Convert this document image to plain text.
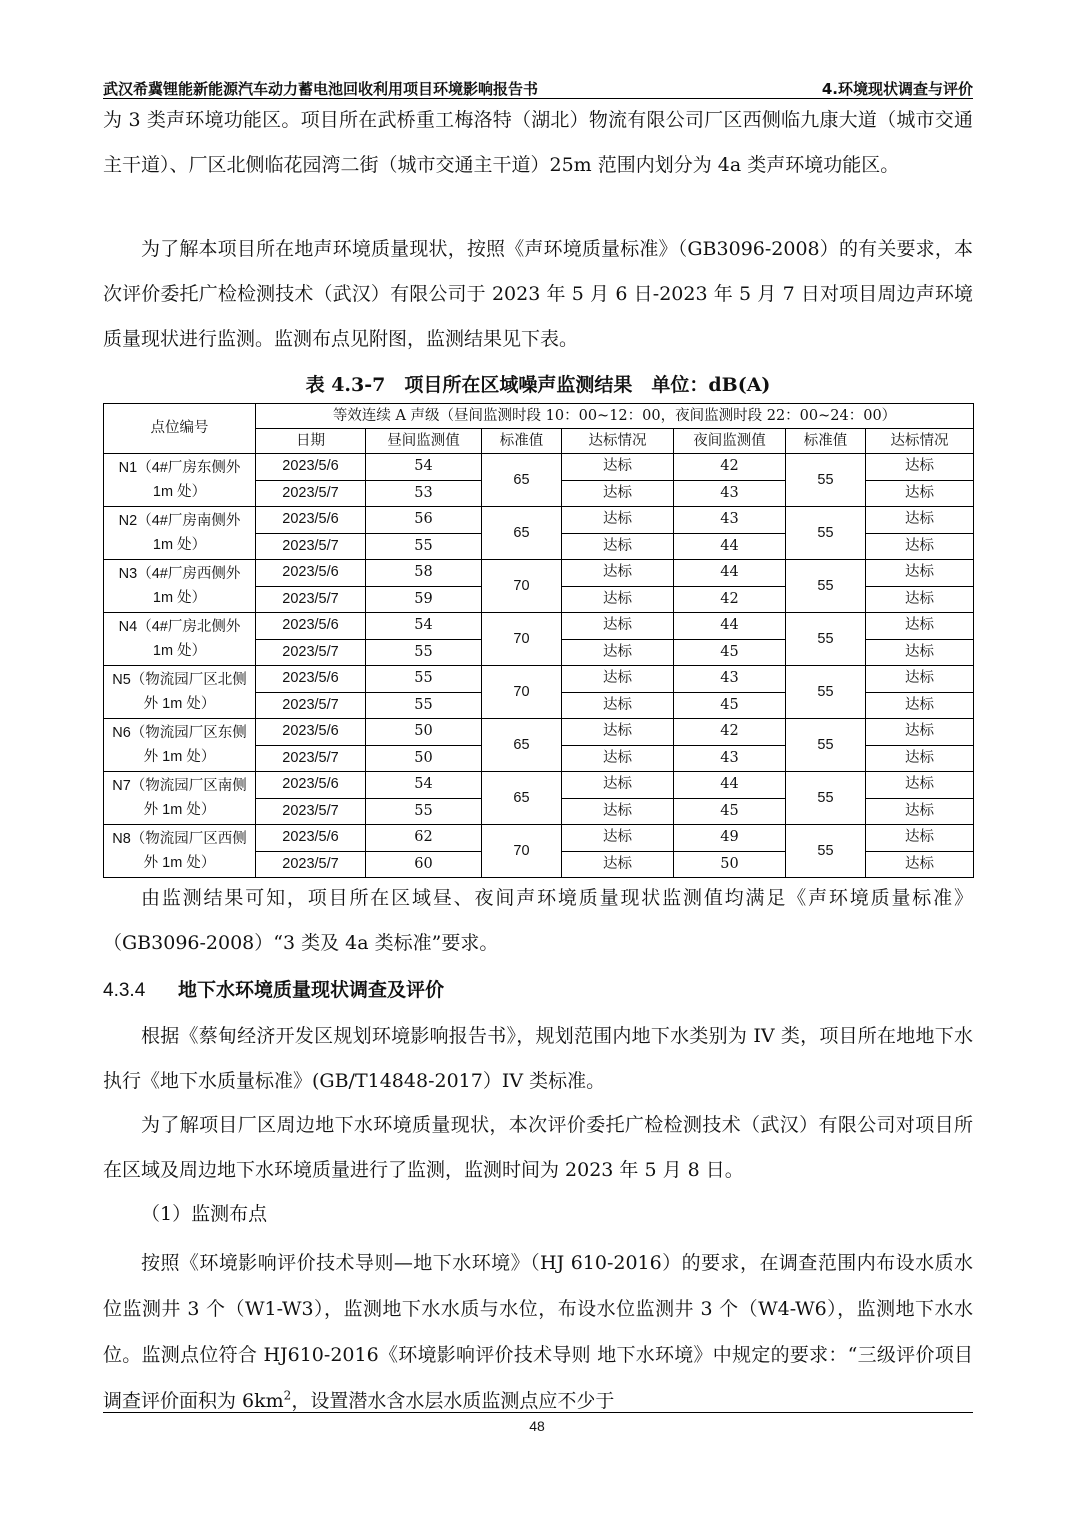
武汉希冀锂能新能源汽车动力蓄电池回收利用项目环境影响报告书	4.环境现状调查与评价
为 3 类声环境功能区。项目所在武桥重工梅洛特（湖北）物流有限公司厂区西侧临九康大道（城市交通主干道）、厂区北侧临花园湾二街（城市交通主干道）25m 范围内划分为 4a 类声环境功能区。
为了解本项目所在地声环境质量现状，按照《声环境质量标准》（GB3096-2008）的有关要求，本次评价委托广检检测技术（武汉）有限公司于 2023 年 5 月 6 日-2023 年 5 月 7 日对项目周边声环境质量现状进行监测。监测布点见附图，监测结果见下表。
表 4.3-7　项目所在区域噪声监测结果　单位：dB(A)
点位编号	等效连续 A 声级（昼间监测时段 10：00~12：00，夜间监测时段 22：00~24：00）						
	日期	昼间监测值	标准值	达标情况	夜间监测值	标准值	达标情况
N1（4#厂房东侧外 1m 处）	2023/5/6	54	65	达标	42	55	达标
	2023/5/7	53		达标	43		达标
N2（4#厂房南侧外 1m 处）	2023/5/6	56	65	达标	43	55	达标
	2023/5/7	55		达标	44		达标
N3（4#厂房西侧外 1m 处）	2023/5/6	58	70	达标	44	55	达标
	2023/5/7	59		达标	42		达标
N4（4#厂房北侧外 1m 处）	2023/5/6	54	70	达标	44	55	达标
	2023/5/7	55		达标	45		达标
N5（物流园厂区北侧外 1m 处）	2023/5/6	55	70	达标	43	55	达标
	2023/5/7	55		达标	45		达标
N6（物流园厂区东侧外 1m 处）	2023/5/6	50	65	达标	42	55	达标
	2023/5/7	50		达标	43		达标
N7（物流园厂区南侧外 1m 处）	2023/5/6	54	65	达标	44	55	达标
	2023/5/7	55		达标	45		达标
N8（物流园厂区西侧外 1m 处）	2023/5/6	62	70	达标	49	55	达标
	2023/5/7	60		达标	50		达标
由监测结果可知，项目所在区域昼、夜间声环境质量现状监测值均满足《声环境质量标准》（GB3096-2008）“3 类及 4a 类标准”要求。
4.3.4 地下水环境质量现状调查及评价
根据《蔡甸经济开发区规划环境影响报告书》，规划范围内地下水类别为 IV 类，项目所在地地下水执行《地下水质量标准》(GB/T14848-2017）IV 类标准。
为了解项目厂区周边地下水环境质量现状，本次评价委托广检检测技术（武汉）有限公司对项目所在区域及周边地下水环境质量进行了监测，监测时间为 2023 年 5 月 8 日。
（1）监测布点
按照《环境影响评价技术导则—地下水环境》（HJ 610-2016）的要求，在调查范围内布设水质水位监测井 3 个（W1-W3），监测地下水水质与水位，布设水位监测井 3 个（W4-W6），监测地下水水位。监测点位符合 HJ610-2016《环境影响评价技术导则 地下水环境》中规定的要求：“三级评价项目调查评价面积为 $6km^2$，设置潜水含水层水质监测点应不少于
48
